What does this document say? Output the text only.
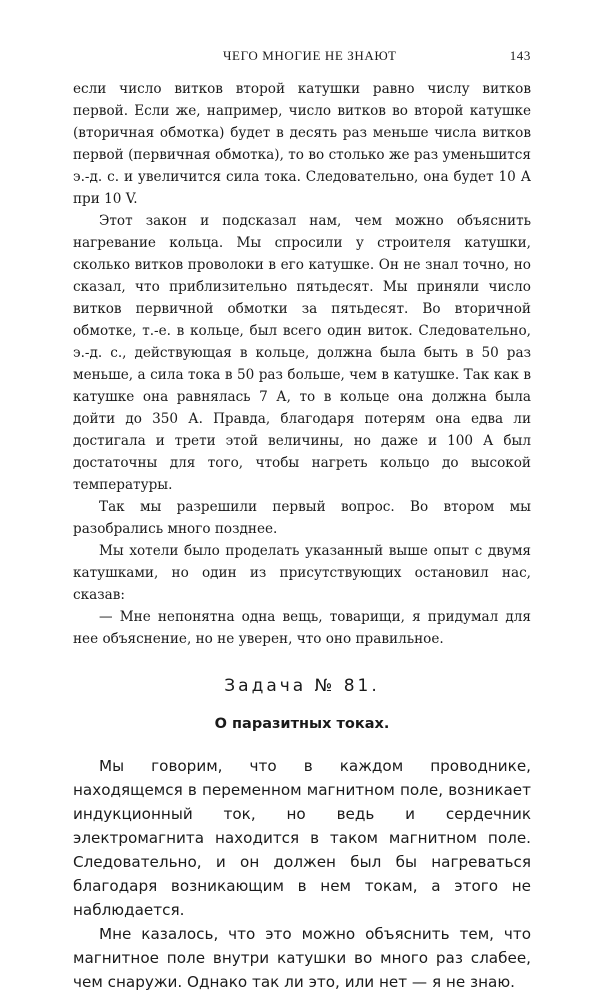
ЧЕГО МНОГИЕ НЕ ЗНАЮТ	143

если число витков второй катушки равно числу витков первой. Если же, например, число витков во второй катушке (вторичная обмотка) будет в десять раз меньше числа витков первой (первичная обмотка), то во столько же раз уменьшится э.-д. с. и увеличится сила тока. Следовательно, она будет 10 А при 10 V.

Этот закон и подсказал нам, чем можно объяснить нагревание кольца. Мы спросили у строителя катушки, сколько витков проволоки в его катушке. Он не знал точно, но сказал, что приблизительно пятьдесят. Мы приняли число витков первичной обмотки за пятьдесят. Во вторичной обмотке, т.-е. в кольце, был всего один виток. Следовательно, э.-д. с., действующая в кольце, должна была быть в 50 раз меньше, а сила тока в 50 раз больше, чем в катушке. Так как в катушке она равнялась 7 А, то в кольце она должна была дойти до 350 А. Правда, благодаря потерям она едва ли достигала и трети этой величины, но даже и 100 А был достаточны для того, чтобы нагреть кольцо до высокой температуры.

Так мы разрешили первый вопрос. Во втором мы разобрались много позднее.

Мы хотели было проделать указанный выше опыт с двумя катушками, но один из присутствующих остановил нас, сказав:

— Мне непонятна одна вещь, товарищи, я придумал для нее объяснение, но не уверен, что оно правильное.

Задача № 81.
О паразитных токах.

Мы говорим, что в каждом проводнике, находящемся в переменном магнитном поле, возникает индукционный ток, но ведь и сердечник электромагнита находится в таком магнитном поле. Следовательно, и он должен был бы нагреваться благодаря возникающим в нем токам, а этого не наблюдается.

Мне казалось, что это можно объяснить тем, что магнитное поле внутри катушки во много раз слабее, чем снаружи. Однако так ли это, или нет — я не знаю.
